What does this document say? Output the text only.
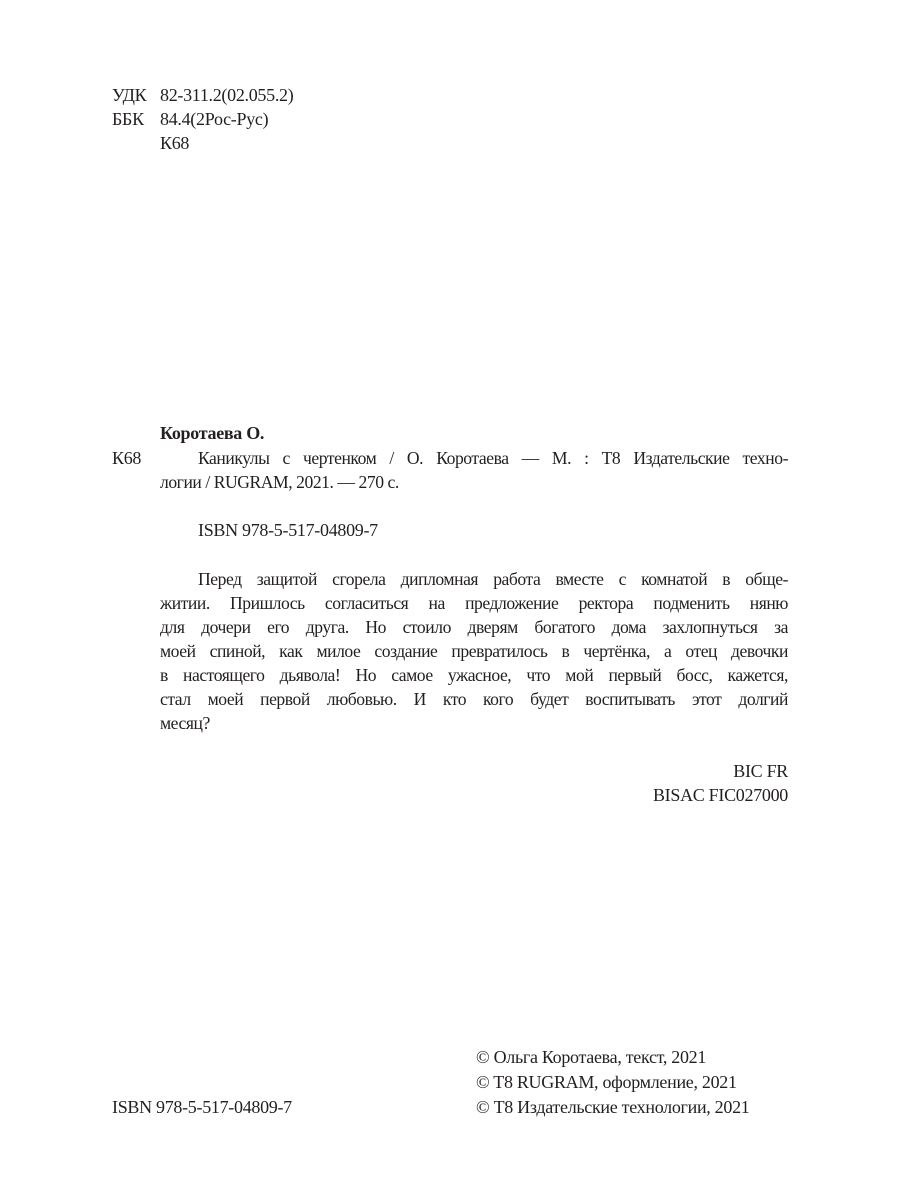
УДК 82-311.2(02.055.2)
ББК 84.4(2Рос-Рус)
К68
Коротаева О.
К68	Каникулы с чертенком / О. Коротаева — М. : Т8 Издательские техно-
логии / RUGRAM, 2021. — 270 с.
ISBN 978-5-517-04809-7
Перед защитой сгорела дипломная работа вместе с комнатой в обще-
житии. Пришлось согласиться на предложение ректора подменить няню
для дочери его друга. Но стоило дверям богатого дома захлопнуться за
моей спиной, как милое создание превратилось в чертёнка, а отец девочки
в настоящего дьявола! Но самое ужасное, что мой первый босс, кажется,
стал моей первой любовью. И кто кого будет воспитывать этот долгий
месяц?
BIC FR
BISAC FIC027000
© Ольга Коротаева, текст, 2021
© T8 RUGRAM, оформление, 2021
© Т8 Издательские технологии, 2021
ISBN 978-5-517-04809-7
